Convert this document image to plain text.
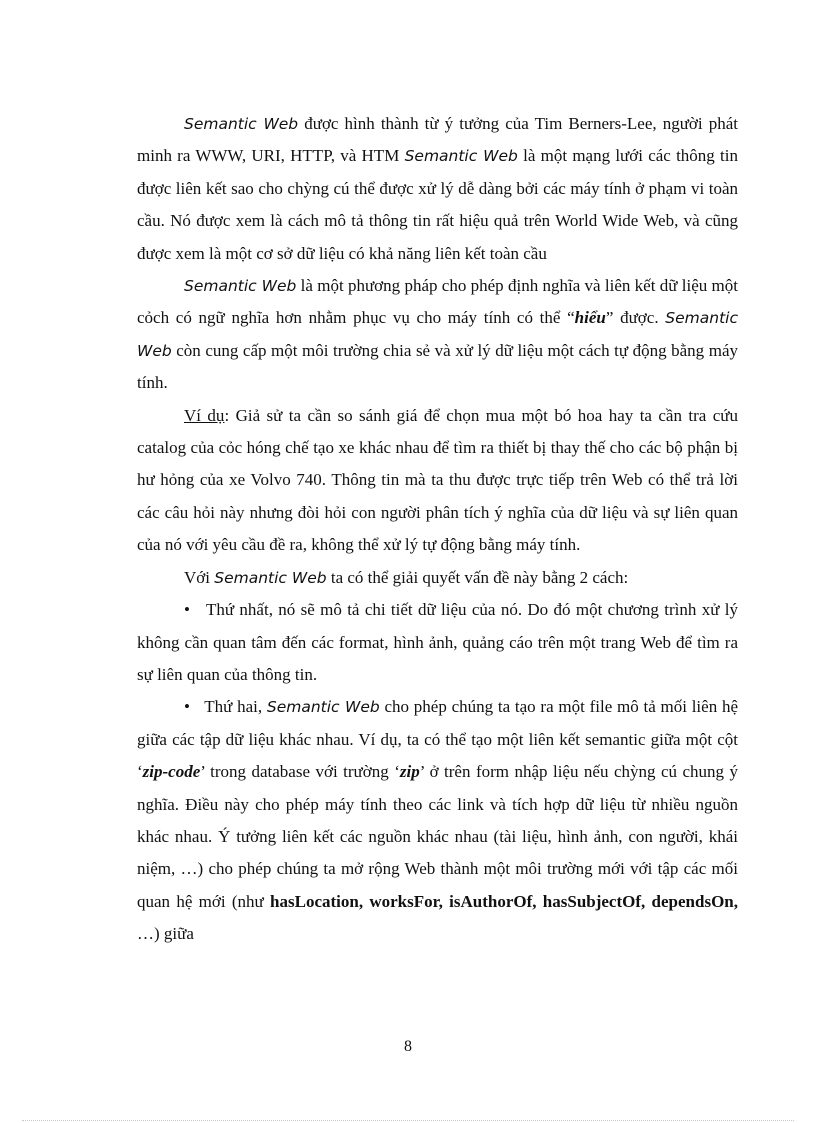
Semantic Web được hình thành từ ý tưởng của Tim Berners-Lee, người phát minh ra WWW, URI, HTTP, và HTM Semantic Web là một mạng lưới các thông tin được liên kết sao cho chỳng cú thể được xử lý dễ dàng bởi các máy tính ở phạm vi toàn cầu. Nó được xem là cách mô tả thông tin rất hiệu quả trên World Wide Web, và cũng được xem là một cơ sở dữ liệu có khả năng liên kết toàn cầu

Semantic Web là một phương pháp cho phép định nghĩa và liên kết dữ liệu một cỏch có ngữ nghĩa hơn nhằm phục vụ cho máy tính có thể “hiểu” được. Semantic Web còn cung cấp một môi trường chia sẻ và xử lý dữ liệu một cách tự động bằng máy tính.

Ví dụ: Giả sử ta cần so sánh giá để chọn mua một bó hoa hay ta cần tra cứu catalog của cỏc hóng chế tạo xe khác nhau để tìm ra thiết bị thay thế cho các bộ phận bị hư hỏng của xe Volvo 740. Thông tin mà ta thu được trực tiếp trên Web có thể trả lời các câu hỏi này nhưng đòi hỏi con người phân tích ý nghĩa của dữ liệu và sự liên quan của nó với yêu cầu đề ra, không thể xử lý tự động bằng máy tính.

Với Semantic Web ta có thể giải quyết vấn đề này bằng 2 cách:

• Thứ nhất, nó sẽ mô tả chi tiết dữ liệu của nó. Do đó một chương trình xử lý không cần quan tâm đến các format, hình ảnh, quảng cáo trên một trang Web để tìm ra sự liên quan của thông tin.

• Thứ hai, Semantic Web cho phép chúng ta tạo ra một file mô tả mối liên hệ giữa các tập dữ liệu khác nhau. Ví dụ, ta có thể tạo một liên kết semantic giữa một cột ‘zip-code’ trong database với trường ‘zip’ ở trên form nhập liệu nếu chỳng cú chung ý nghĩa. Điều này cho phép máy tính theo các link và tích hợp dữ liệu từ nhiều nguồn khác nhau. Ý tưởng liên kết các nguồn khác nhau (tài liệu, hình ảnh, con người, khái niệm, …) cho phép chúng ta mở rộng Web thành một môi trường mới với tập các mối quan hệ mới (như hasLocation, worksFor, isAuthorOf, hasSubjectOf, dependsOn, …) giữa

8
